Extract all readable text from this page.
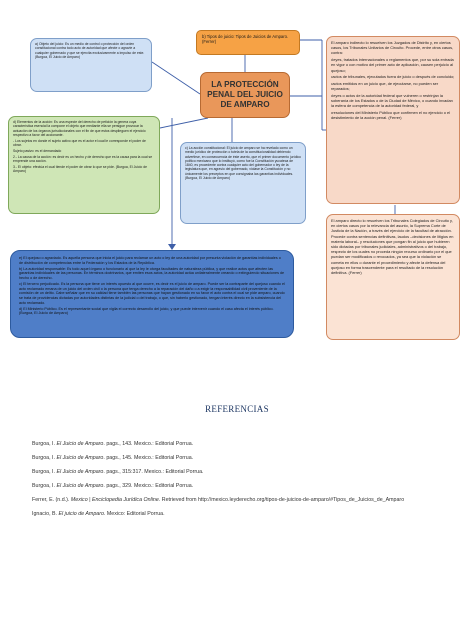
b) Tipos de juicio: Tipos de Juicios de Amparo. (Ferrer)
a) Objeto del juicio: Es un medio de control o protección del orden constitucional contra todo acto de autoridad que afecte o agravie a cualquier gobernado y que se ejercita exclusivamente a impulso de este. (Burgoa, El Juicio de Amparo)
LA PROTECCIÓN PENAL DEL JUICIO DE AMPARO

d) Elementos de la acción: Es una especie del derecho de petición la genera cuya característica esencial la compone el objeto que mediante ella se persigue provocar la actuación de los órganos jurisdiccionales con el fin de que estos desplieguen el ejercicio respectivo a favor del accionante.

- Los sujetos en donde el sujeto activo que es el actor el cual le corresponde el poder de obrar.

Sujeto pasivo: es el demandado

2.- La causa de la acción: es decir es un hecho y de derecho que es la causa para la cual se emprende una acción.

3.- El objeto: efectúa el cual tiende el poder de obrar lo que se pide. (Burgoa, El Juicio de Amparo)

c) La acción constitucional: El juicio de amparo se ha revelado como un medio jurídico de protección o tutela de la constitucionalidad debiendo advertirse, en consecuencia de éste aserto, que el primer documento jurídico político mexicano que lo instituyó, como fue la Constitución yucateca de 1840, es procedente contra cualquier acto del gobernador o ley de la legislatura que, en agravio del gobernado, violase la Constitución y no únicamente los preceptos en que consignaba las garantías individuales. (Burgoa, El Juicio de Amparo)

El amparo indirecto lo resuelven los Juzgados de Distrito y, en ciertos casos, los Tribunales Unitarios de Circuito. Procede, entre otros casos, contra:

•leyes, tratados internacionales o reglamentos que, por su sola entrada en vigor o con motivo del primer acto de aplicación, causen perjuicio al quejoso;

•actos de tribunales, ejecutados fuera de juicio o después de concluido;

•actos emitidos en un juicio que, de ejecutarse, no pueden ser reparados;

•leyes o actos de la autoridad federal que vulneren o restrinjan la soberanía de los Estados o de la Ciudad de México, o cuando invadan la esfera de competencia de la autoridad federal, y

•resoluciones del Ministerio Público que confirmen el no ejercicio o el desistimiento de la acción penal. (Ferrer)

El amparo directo lo resuelven los Tribunales Colegiados de Circuito y, en ciertos casos por la relevancia del asunto, la Suprema Corte de Justicia de la Nación, a través del ejercicio de la facultad de atracción. Procede contra sentencias definitivas, laudos –decisiones de litigios en materia laboral– y resoluciones que pongan fin al juicio que hubieren sido dictadas por tribunales judiciales, administrativos o del trabajo, respecto de los cuales no proceda ningún recurso ordinario por el que puedan ser modificados o revocados, ya sea que la violación se cometa en ellos o durante el procedimiento y afecte la defensa del quejoso en forma trascendente para el resultado de la resolución definitiva. (Ferrer)

e) El quejoso o agraviado. Es aquella persona que inicia el juicio para reclamar un acto o ley de una autoridad por presunta violación de garantías individuales o de distribución de competencias entre la Federación y los Estados de la República.

b) La autoridad responsable: Es todo aquel órgano o funcionario al que la ley le otorga facultades de naturaleza pública, y que realice actos que afecten las garantías individuales de las personas. En términos doctrinarios, que emiten esos actos, la autoridad actúa unilateralmente creando o extinguiendo situaciones de hecho o de derecho.

c) El tercero perjudicado. Es la persona que tiene un interés opuesto al que ocurre, es decir es el juicio de amparo. Puede ser la contraparte del quejoso cuando el acto reclamado emana de un juicio del orden civil o la persona que tenga derecho a la reparación del daño o a exigir la responsabilidad civil proveniente de la comisión de un delito. Cabe señalar que en su calidad tiene también las personas que hayan gestionado en su favor el acto contra el cual se pide amparo, cuando se trata de providencias dictadas por autoridades distintas de la judicial o del trabajo, o que, sin haberlo gestionado, tengan interés directo en la subsistencia del acto reclamado.

d) El Ministerio Público. Es el representante social que vigila el correcto desarrollo del juicio, y que puede intervenir cuando el caso afecta el interés público. (Burgoa, El Juicio de Amparo)

REFERENCIAS
Burgoa, I. El Juicio de Amparo. pags., 143. Mexico.: Editorial Porrua.
Burgoa, I. El Juicio de Amparo. pags., 145. Mexico.: Editorial Porrua.
Burgoa, I. El Juicio de Amparo. pags., 315:317. Mexico.: Editorial Porrua.
Burgoa, I. El Juicio de Amparo. pags., 329. Mexico.: Editorial Porrua.
Ferrer, E. (n.d.). Mexico | Enciclopedia Jurídica Online. Retrieved from http://mexico.leyderecho.org/tipos-de-juicios-de-amparo/#Tipos_de_Juicios_de_Amparo
Ignacio, B. El juicio de Amparo. Mexico: Editorial Porrua.
